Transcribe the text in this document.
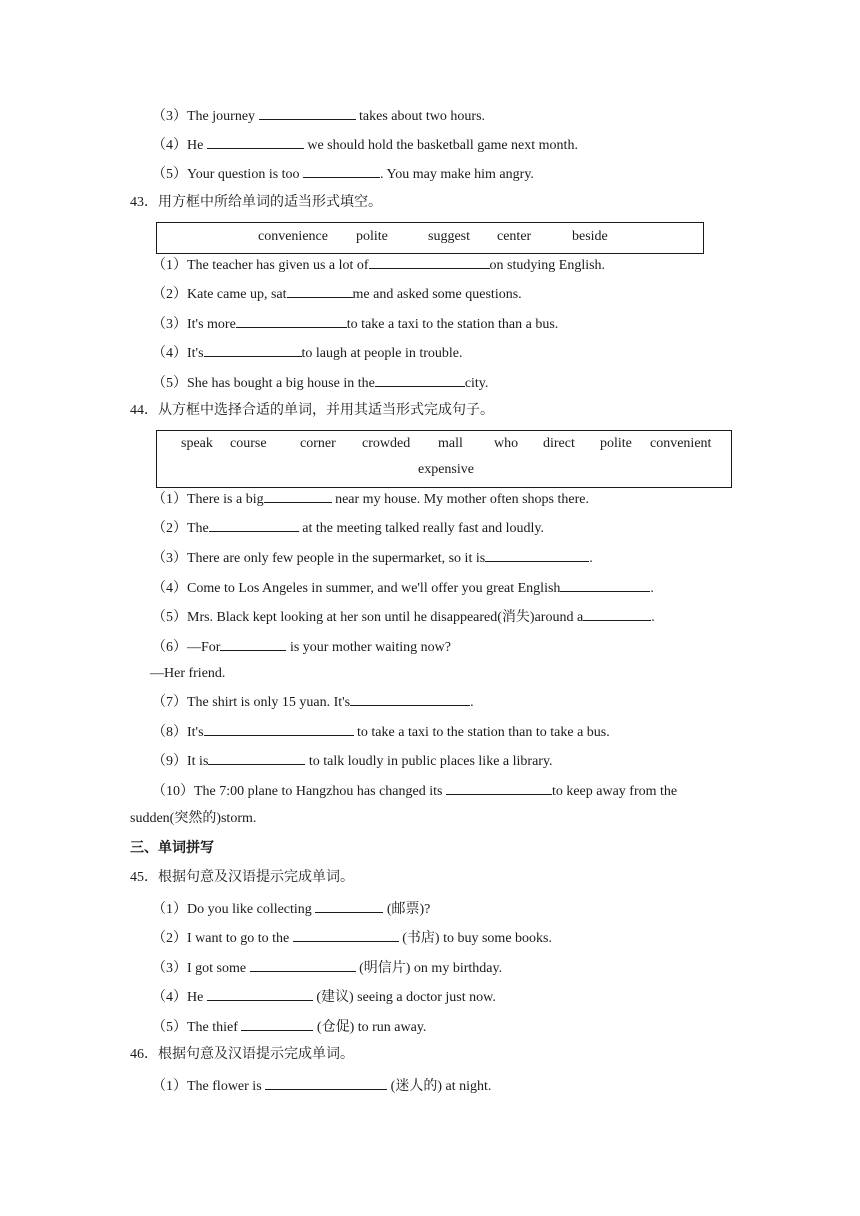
（3）The journey	takes about two hours.
（4）He	we should hold the basketball game next month.
（5）Your question is too	. You may make him angry.
43．用方框中所给单词的适当形式填空。
convenience polite	suggest center	beside
（1）The teacher has given us a lot of	on studying English.
（2）Kate came up, sat	me and asked some questions.
（3）It's more	to take a taxi to the station than a bus.
（4）It's	to laugh at people in trouble.
（5）She has bought a big house in the	city.
44．从方框中选择合适的单词，并用其适当形式完成句子。
speak course corner crowded mall who direct polite convenient
expensive
（1）There is a big	near my house. My mother often shops there.
（2）The	at the meeting talked really fast and loudly.
（3）There are only few people in the supermarket, so it is	.
（4）Come to Los Angeles in summer, and we'll offer you great English	.
（5）Mrs. Black kept looking at her son until he disappeared(消失)around a	.
（6）—For	is your mother waiting now?
—Her friend.
（7）The shirt is only 15 yuan. It's	.
（8）It's	to take a taxi to the station than to take a bus.
（9）It is	to talk loudly in public places like a library.
（10）The 7:00 plane to Hangzhou has changed its	to keep away from the
sudden(突然的)storm.
三、单词拼写
45．根据句意及汉语提示完成单词。
（1）Do you like collecting	(邮票)?
（2）I want to go to the	(书店) to buy some books.
（3）I got some	(明信片) on my birthday.
（4）He	(建议) seeing a doctor just now.
（5）The thief	(仓促) to run away.
46．根据句意及汉语提示完成单词。
（1）The flower is	(迷人的) at night.
